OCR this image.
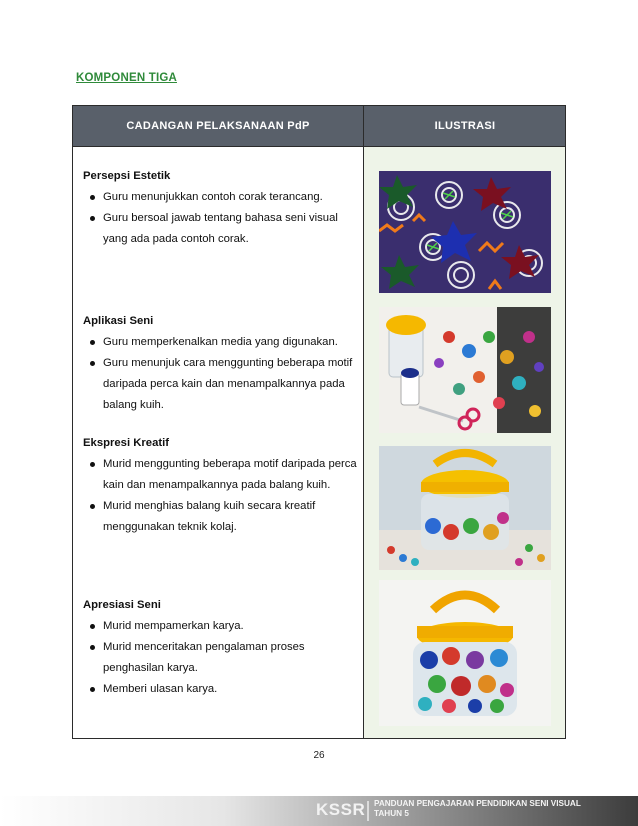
KOMPONEN TIGA
CADANGAN PELAKSANAAN PdP	ILUSTRASI
Persepsi Estetik
Guru menunjukkan contoh corak terancang.
Guru bersoal jawab tentang bahasa seni visual yang ada pada contoh corak.
Aplikasi Seni
Guru memperkenalkan media yang digunakan.
Guru menunjuk cara menggunting beberapa motif daripada perca kain dan menampalkannya pada balang kuih.
Ekspresi Kreatif
Murid menggunting beberapa motif daripada perca kain dan menampalkannya pada balang kuih.
Murid menghias balang kuih secara kreatif menggunakan teknik kolaj.
Apresiasi Seni
Murid mempamerkan karya.
Murid menceritakan pengalaman proses penghasilan karya.
Memberi ulasan karya.
26
KSSR PANDUAN PENGAJARAN PENDIDIKAN SENI VISUAL
TAHUN 5
